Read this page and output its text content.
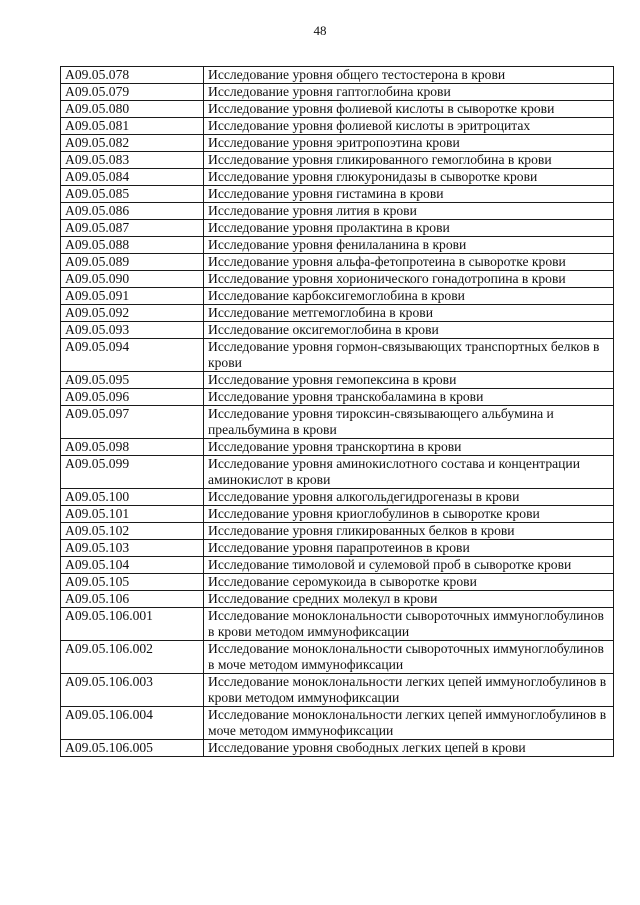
48
A09.05.078	Исследование уровня общего тестостерона в крови
A09.05.079	Исследование уровня гаптоглобина крови
A09.05.080	Исследование уровня фолиевой кислоты в сыворотке крови
A09.05.081	Исследование уровня фолиевой кислоты в эритроцитах
A09.05.082	Исследование уровня эритропоэтина крови
A09.05.083	Исследование уровня гликированного гемоглобина в крови
A09.05.084	Исследование уровня глюкуронидазы в сыворотке крови
A09.05.085	Исследование уровня гистамина в крови
A09.05.086	Исследование уровня лития в крови
A09.05.087	Исследование уровня пролактина в крови
A09.05.088	Исследование уровня фенилаланина в крови
A09.05.089	Исследование уровня альфа-фетопротеина в сыворотке крови
A09.05.090	Исследование уровня хорионического гонадотропина в крови
A09.05.091	Исследование карбоксигемоглобина в крови
A09.05.092	Исследование метгемоглобина в крови
A09.05.093	Исследование оксигемоглобина в крови
A09.05.094	Исследование уровня гормон-связывающих транспортных белков в крови
A09.05.095	Исследование уровня гемопексина в крови
A09.05.096	Исследование уровня транскобаламина в крови
A09.05.097	Исследование уровня тироксин-связывающего альбумина и преальбумина в крови
A09.05.098	Исследование уровня транскортина в крови
A09.05.099	Исследование уровня аминокислотного состава и концентрации аминокислот в крови
A09.05.100	Исследование уровня алкогольдегидрогеназы в крови
A09.05.101	Исследование уровня криоглобулинов в сыворотке крови
A09.05.102	Исследование уровня гликированных белков в крови
A09.05.103	Исследование уровня парапротеинов в крови
A09.05.104	Исследование тимоловой и сулемовой проб в сыворотке крови
A09.05.105	Исследование серомукоида в сыворотке крови
A09.05.106	Исследование средних молекул в крови
A09.05.106.001	Исследование моноклональности сывороточных иммуноглобулинов в крови методом иммунофиксации
A09.05.106.002	Исследование моноклональности сывороточных иммуноглобулинов в моче методом иммунофиксации
A09.05.106.003	Исследование моноклональности легких цепей иммуноглобулинов в крови методом иммунофиксации
A09.05.106.004	Исследование моноклональности легких цепей иммуноглобулинов в моче методом иммунофиксации
A09.05.106.005	Исследование уровня свободных легких цепей в крови
